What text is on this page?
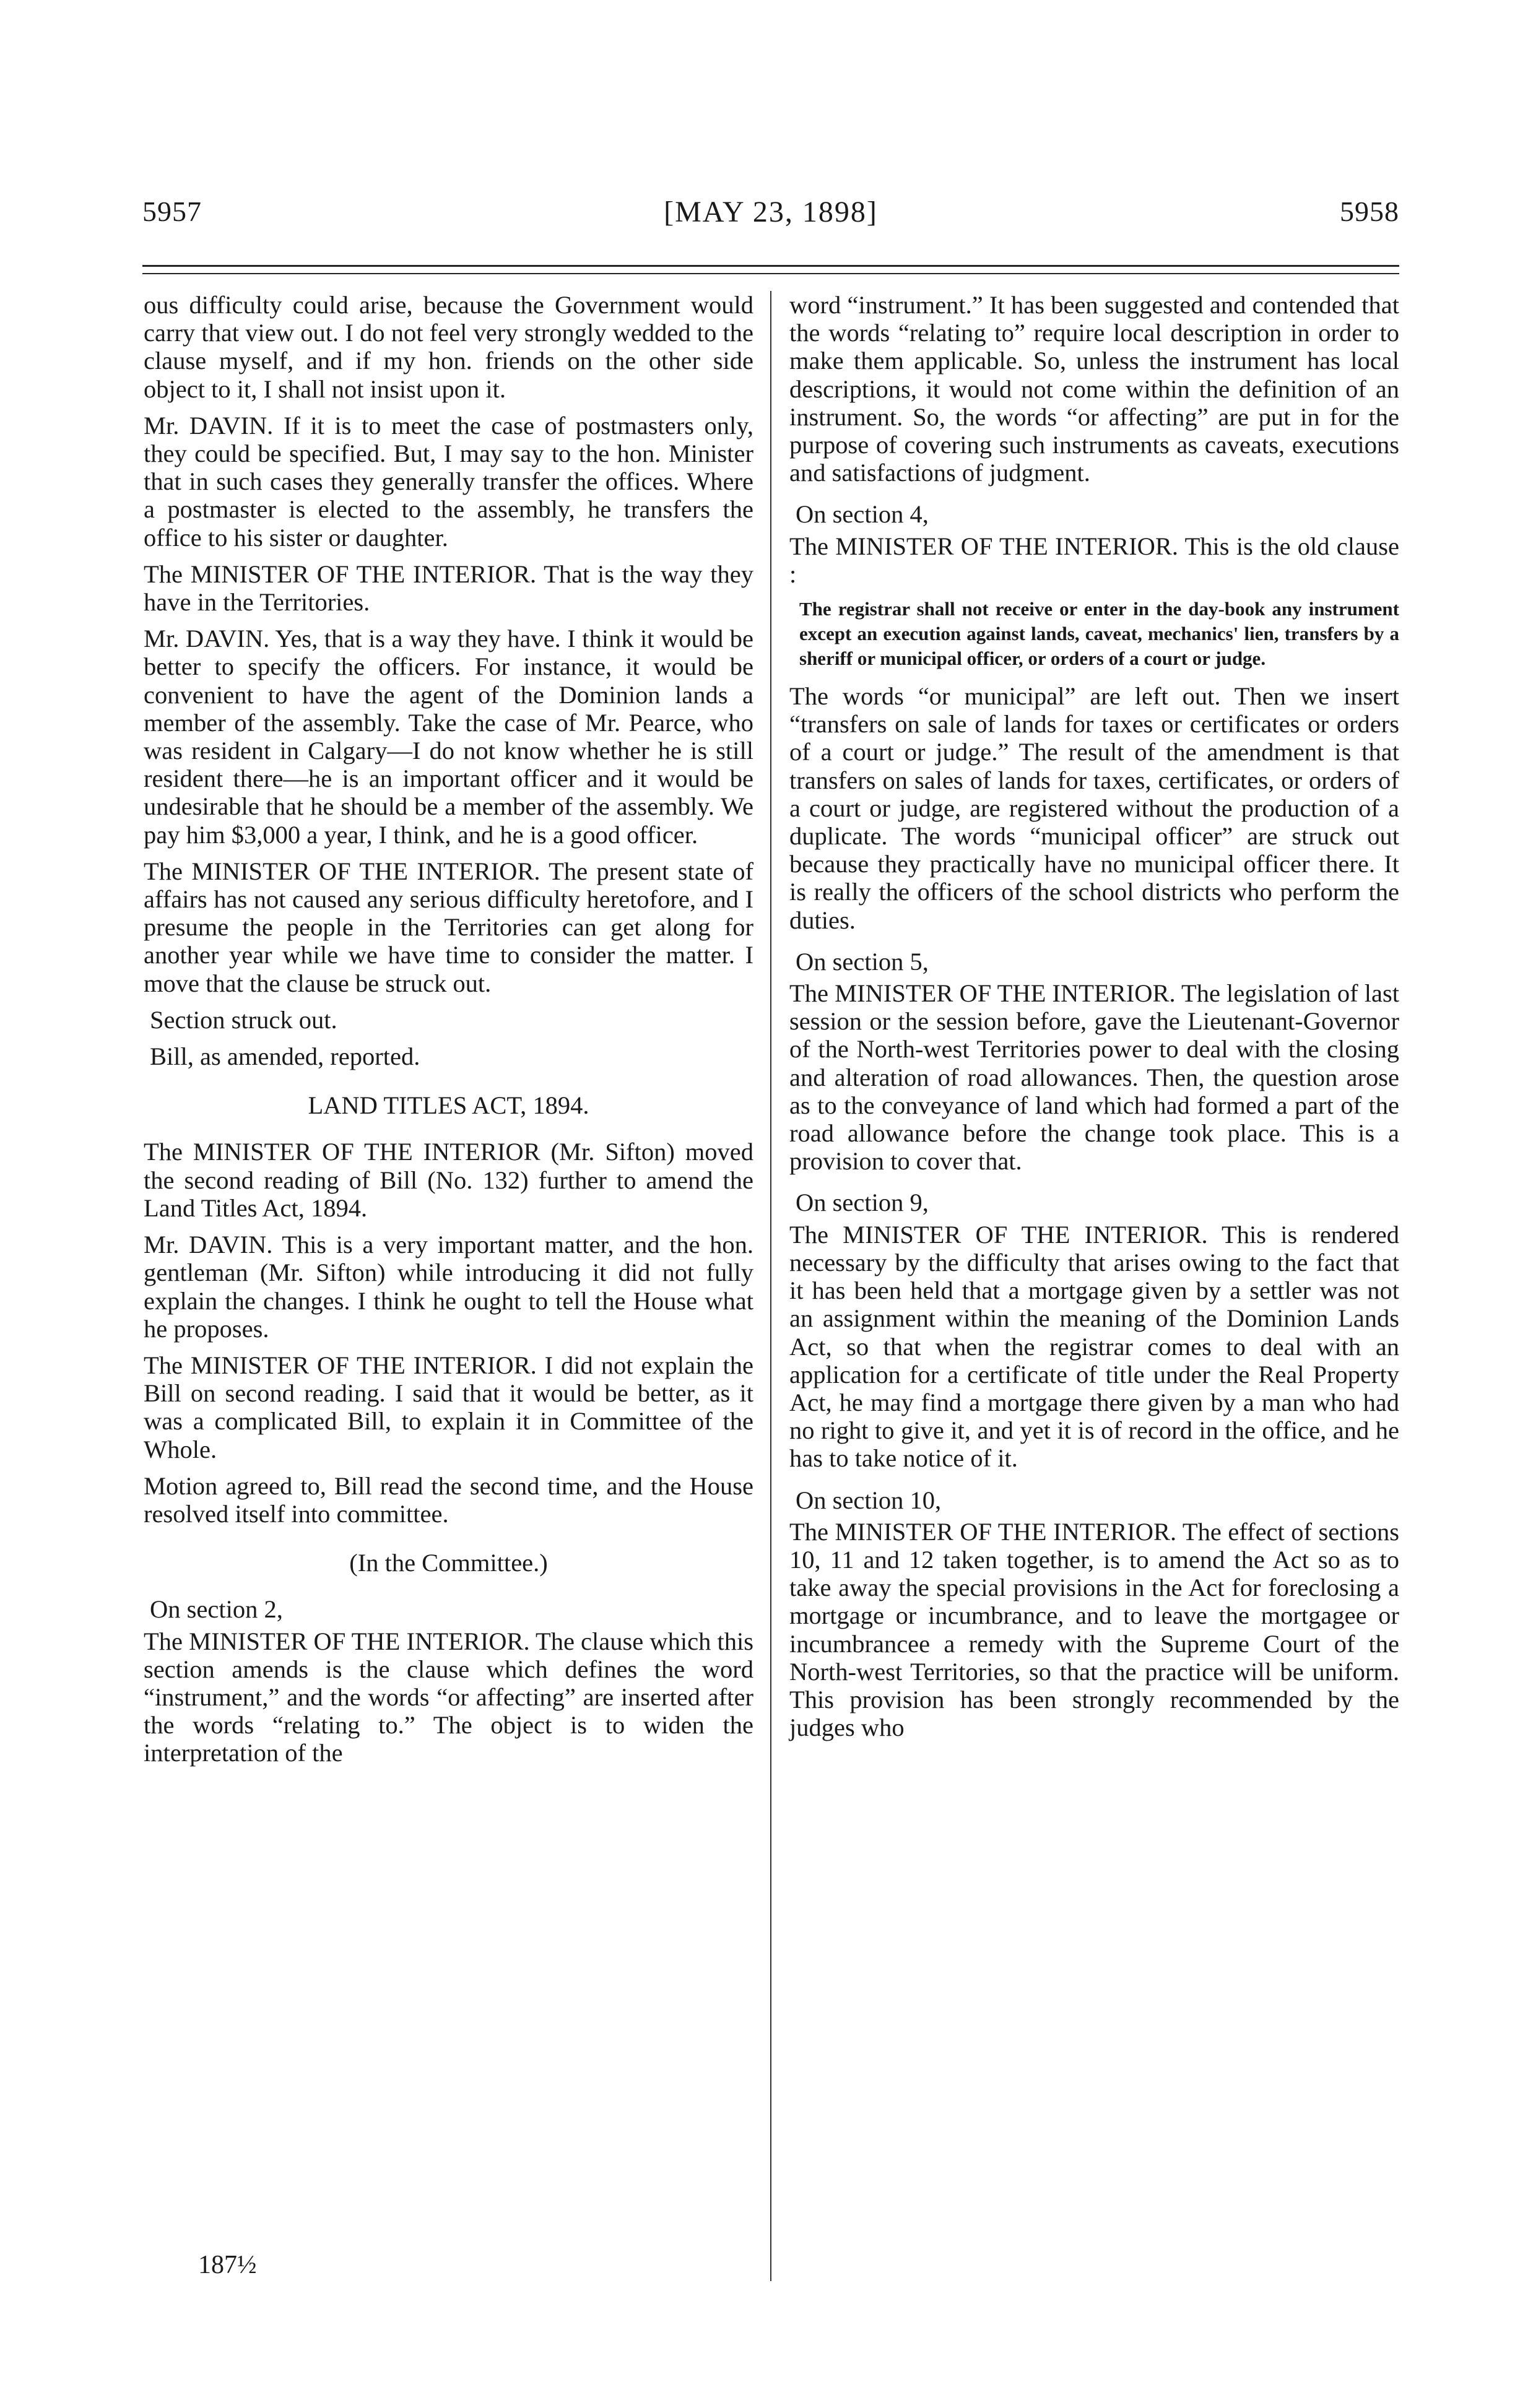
5957	[MAY 23, 1898]	5958

ous difficulty could arise, because the Government would carry that view out. I do not feel very strongly wedded to the clause myself, and if my hon. friends on the other side object to it, I shall not insist upon it.

Mr. DAVIN. If it is to meet the case of postmasters only, they could be specified. But, I may say to the hon. Minister that in such cases they generally transfer the offices. Where a postmaster is elected to the assembly, he transfers the office to his sister or daughter.

The MINISTER OF THE INTERIOR. That is the way they have in the Territories.

Mr. DAVIN. Yes, that is a way they have. I think it would be better to specify the officers. For instance, it would be convenient to have the agent of the Dominion lands a member of the assembly. Take the case of Mr. Pearce, who was resident in Calgary—I do not know whether he is still resident there—he is an important officer and it would be undesirable that he should be a member of the assembly. We pay him $3,000 a year, I think, and he is a good officer.

The MINISTER OF THE INTERIOR. The present state of affairs has not caused any serious difficulty heretofore, and I presume the people in the Territories can get along for another year while we have time to consider the matter. I move that the clause be struck out.

Section struck out.

Bill, as amended, reported.

LAND TITLES ACT, 1894.

The MINISTER OF THE INTERIOR (Mr. Sifton) moved the second reading of Bill (No. 132) further to amend the Land Titles Act, 1894.

Mr. DAVIN. This is a very important matter, and the hon. gentleman (Mr. Sifton) while introducing it did not fully explain the changes. I think he ought to tell the House what he proposes.

The MINISTER OF THE INTERIOR. I did not explain the Bill on second reading. I said that it would be better, as it was a complicated Bill, to explain it in Committee of the Whole.

Motion agreed to, Bill read the second time, and the House resolved itself into committee.

(In the Committee.)

On section 2,

The MINISTER OF THE INTERIOR. The clause which this section amends is the clause which defines the word “instrument,” and the words “or affecting” are inserted after the words “relating to.” The object is to widen the interpretation of the

187½

word “instrument.” It has been suggested and contended that the words “relating to” require local description in order to make them applicable. So, unless the instrument has local descriptions, it would not come within the definition of an instrument. So, the words “or affecting” are put in for the purpose of covering such instruments as caveats, executions and satisfactions of judgment.

On section 4,

The MINISTER OF THE INTERIOR. This is the old clause :

The registrar shall not receive or enter in the day-book any instrument except an execution against lands, caveat, mechanics' lien, transfers by a sheriff or municipal officer, or orders of a court or judge.

The words “or municipal” are left out. Then we insert “transfers on sale of lands for taxes or certificates or orders of a court or judge.” The result of the amendment is that transfers on sales of lands for taxes, certificates, or orders of a court or judge, are registered without the production of a duplicate. The words “municipal officer” are struck out because they practically have no municipal officer there. It is really the officers of the school districts who perform the duties.

On section 5,

The MINISTER OF THE INTERIOR. The legislation of last session or the session before, gave the Lieutenant-Governor of the North-west Territories power to deal with the closing and alteration of road allowances. Then, the question arose as to the conveyance of land which had formed a part of the road allowance before the change took place. This is a provision to cover that.

On section 9,

The MINISTER OF THE INTERIOR. This is rendered necessary by the difficulty that arises owing to the fact that it has been held that a mortgage given by a settler was not an assignment within the meaning of the Dominion Lands Act, so that when the registrar comes to deal with an application for a certificate of title under the Real Property Act, he may find a mortgage there given by a man who had no right to give it, and yet it is of record in the office, and he has to take notice of it.

On section 10,

The MINISTER OF THE INTERIOR. The effect of sections 10, 11 and 12 taken together, is to amend the Act so as to take away the special provisions in the Act for foreclosing a mortgage or incumbrance, and to leave the mortgagee or incumbrancee a remedy with the Supreme Court of the North-west Territories, so that the practice will be uniform. This provision has been strongly recommended by the judges who
